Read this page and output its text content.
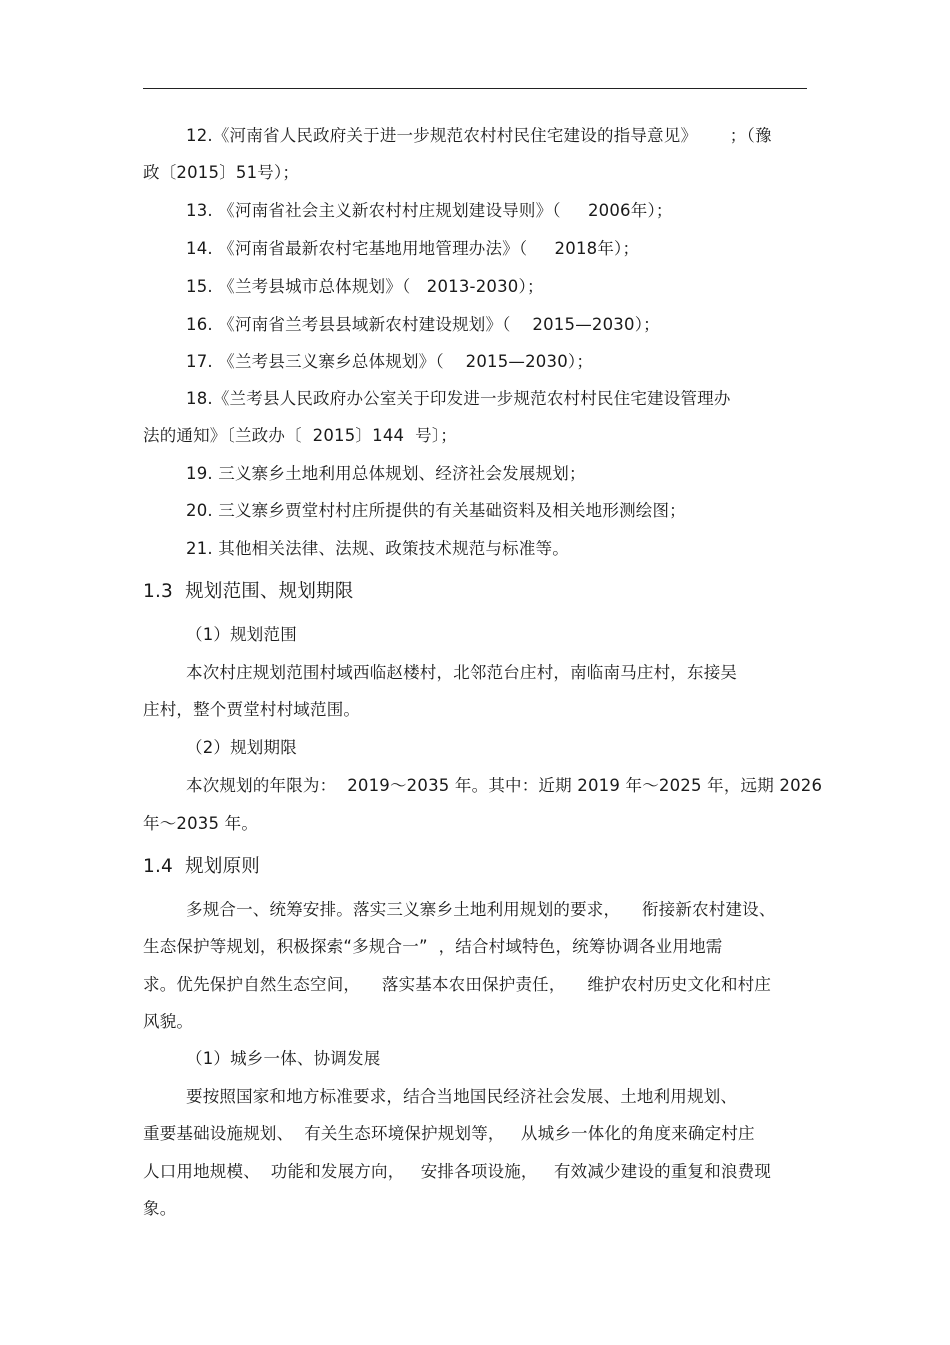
12.《河南省人民政府关于进一步规范农村村民住宅建设的指导意见》      ；（豫
政〔2015〕51号）；
13. 《河南省社会主义新农村村庄规划建设导则》（     2006年）；
14. 《河南省最新农村宅基地用地管理办法》（     2018年）；
15. 《兰考县城市总体规划》（   2013-2030）；
16. 《河南省兰考县县域新农村建设规划》（    2015—2030）；
17. 《兰考县三义寨乡总体规划》（    2015—2030）；
18.《兰考县人民政府办公室关于印发进一步规范农村村民住宅建设管理办
法的通知》〔兰政办〔  2015〕144  号〕；
19. 三义寨乡土地利用总体规划、经济社会发展规划；
20. 三义寨乡贾堂村村庄所提供的有关基础资料及相关地形测绘图；
21. 其他相关法律、法规、政策技术规范与标准等。
1.3  规划范围、规划期限
（1）规划范围
本次村庄规划范围村域西临赵楼村，北邻范台庄村，南临南马庄村，东接吴
庄村，整个贾堂村村域范围。
（2）规划期限
本次规划的年限为：  2019～2035 年。其中：近期 2019 年～2025 年，远期 2026
年～2035 年。
1.4  规划原则
多规合一、统筹安排。落实三义寨乡土地利用规划的要求，    衔接新农村建设、
生态保护等规划，积极探索“多规合一”  ，结合村域特色，统筹协调各业用地需
求。优先保护自然生态空间，    落实基本农田保护责任，    维护农村历史文化和村庄
风貌。
（1）城乡一体、协调发展
要按照国家和地方标准要求，结合当地国民经济社会发展、土地利用规划、
重要基础设施规划、  有关生态环境保护规划等，   从城乡一体化的角度来确定村庄
人口用地规模、  功能和发展方向，   安排各项设施，   有效减少建设的重复和浪费现
象。
